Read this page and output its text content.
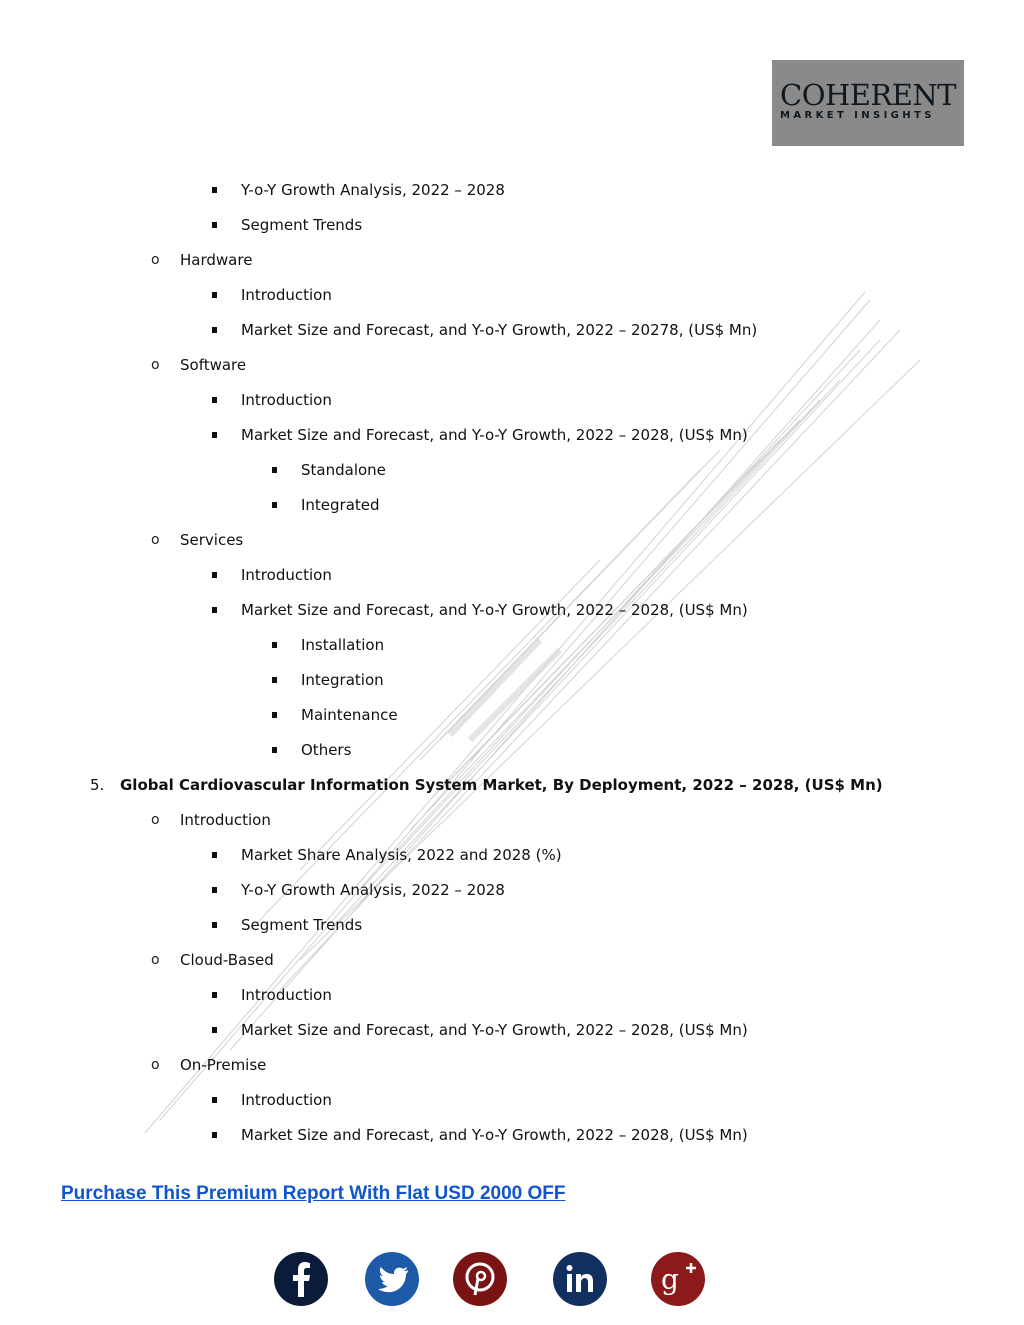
COHERENT
MARKET INSIGHTS
Y-o-Y Growth Analysis, 2022 – 2028
Segment Trends
o Hardware
Introduction
Market Size and Forecast, and Y-o-Y Growth, 2022 – 20278, (US$ Mn)
o Software
Introduction
Market Size and Forecast, and Y-o-Y Growth, 2022 – 2028, (US$ Mn)
Standalone
Integrated
o Services
Introduction
Market Size and Forecast, and Y-o-Y Growth, 2022 – 2028, (US$ Mn)
Installation
Integration
Maintenance
Others
5. Global Cardiovascular Information System Market, By Deployment, 2022 – 2028, (US$ Mn)
o Introduction
Market Share Analysis, 2022 and 2028 (%)
Y-o-Y Growth Analysis, 2022 – 2028
Segment Trends
o Cloud-Based
Introduction
Market Size and Forecast, and Y-o-Y Growth, 2022 – 2028, (US$ Mn)
o On-Premise
Introduction
Market Size and Forecast, and Y-o-Y Growth, 2022 – 2028, (US$ Mn)
Purchase This Premium Report With Flat USD 2000 OFF
g
